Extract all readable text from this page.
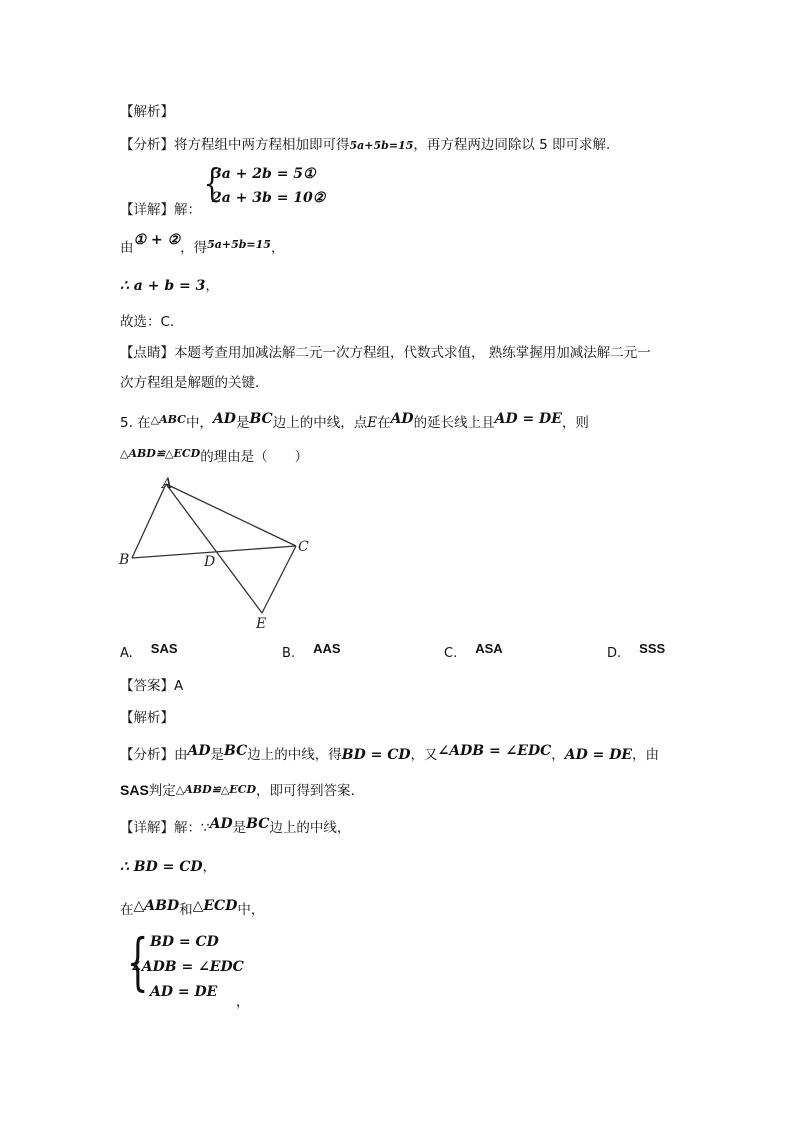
【解析】
【分析】将方程组中两方程相加即可得5a+5b=15，再方程两边同除以 5 即可求解．
【详解】解：
{
3a + 2b = 5①
2a + 3b = 10②
由① + ②，得$^{5a+5b=15}$，
∴ a + b = 3，
故选：C．
【点睛】本题考查用加减法解二元一次方程组，代数式求值， 熟练掌握用加减法解二元一
次方程组是解题的关键．
5. 在$^{\triangle ABC}$中，AD是BC边上的中线，点E在AD的延长线上且AD = DE，则
$^{\triangle ABD≌\triangle ECD}$的理由是（　　）
A
B
C
D
E
A. SAS	B. AAS	C. ASA	D. SSS
【答案】A
【解析】
【分析】由AD是BC边上的中线，得BD = CD，又∠ADB = ∠EDC，AD = DE，由
SAS判定△ABD≌△ECD，即可得到答案.
【详解】解：∵AD是BC边上的中线，
∴ BD = CD，
在△ABD和△ECD中，
{ BD = CD
∠ADB = ∠EDC
AD = DE
，
